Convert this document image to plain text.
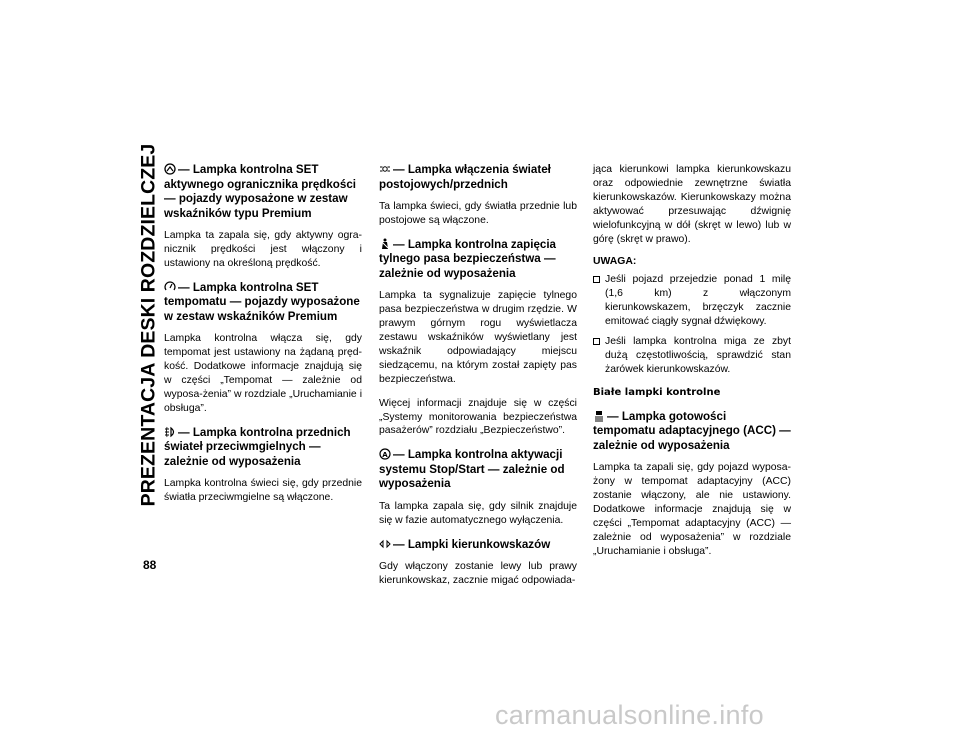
PREZENTACJA DESKI ROZDZIELCZEJ
88
— Lampka kontrolna SET aktywnego ogranicznika prędkości — pojazdy wyposażone w zestaw wskaźników typu Premium

Lampka ta zapala się, gdy aktywny ogra-nicznik prędkości jest włączony i ustawiony na określoną prędkość.

— Lampka kontrolna SET tempomatu — pojazdy wyposażone w zestaw wskaźników Premium

Lampka kontrolna włącza się, gdy tempomat jest ustawiony na żądaną pręd-kość. Dodatkowe informacje znajdują się w części „Tempomat — zależnie od wyposa-żenia” w rozdziale „Uruchamianie i obsługa”.

— Lampka kontrolna przednich świateł przeciwmgielnych — zależnie od wyposażenia

Lampka kontrolna świeci się, gdy przednie światła przeciwmgielne są włączone.

— Lampka włączenia świateł postojowych/przednich

Ta lampka świeci, gdy światła przednie lub postojowe są włączone.

— Lampka kontrolna zapięcia tylnego pasa bezpieczeństwa — zależnie od wyposażenia

Lampka ta sygnalizuje zapięcie tylnego pasa bezpieczeństwa w drugim rzędzie. W prawym górnym rogu wyświetlacza zestawu wskaźników wyświetlany jest wskaźnik odpowiadający miejscu siedzącemu, na którym został zapięty pas bezpieczeństwa.

Więcej informacji znajduje się w części „Systemy monitorowania bezpieczeństwa pasażerów” rozdziału „Bezpieczeństwo”.

A — Lampka kontrolna aktywacji systemu Stop/Start — zależnie od wyposażenia

Ta lampka zapala się, gdy silnik znajduje się w fazie automatycznego wyłączenia.

— Lampki kierunkowskazów

Gdy włączony zostanie lewy lub prawy kierunkowskaz, zacznie migać odpowiada-

jąca kierunkowi lampka kierunkowskazu oraz odpowiednie zewnętrzne światła kierunkowskazów. Kierunkowskazy można aktywować przesuwając dźwignię wielofunkcyjną w dół (skręt w lewo) lub w górę (skręt w prawo).

UWAGA:
Jeśli pojazd przejedzie ponad 1 milę (1,6 km) z włączonym kierunkowskazem, brzęczyk zacznie emitować ciągły sygnał dźwiękowy.
Jeśli lampka kontrolna miga ze zbyt dużą częstotliwością, sprawdzić stan żarówek kierunkowskazów.
Białe lampki kontrolne
— Lampka gotowości tempomatu adaptacyjnego (ACC) — zależnie od wyposażenia

Lampka ta zapali się, gdy pojazd wyposa-żony w tempomat adaptacyjny (ACC) zostanie włączony, ale nie ustawiony. Dodatkowe informacje znajdują się w części „Tempomat adaptacyjny (ACC) — zależnie od wyposażenia” w rozdziale „Uruchamianie i obsługa”.

carmanualsonline.info
